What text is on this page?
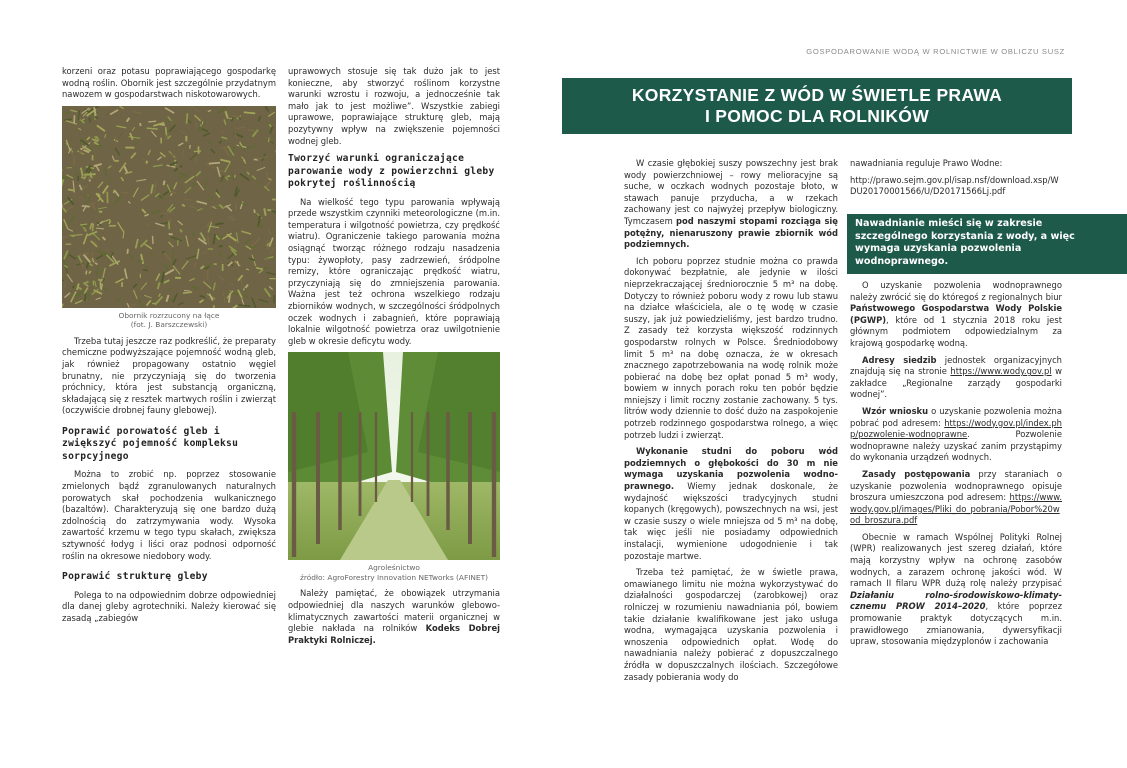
korzeni oraz potasu poprawiającego gospodarkę wodną roślin. Obornik jest szczególnie przydatnym nawozem w gospodarstwach niskotowarowych.

Obornik rozrzucony na łące
(fot. J. Barszczewski)

Trzeba tutaj jeszcze raz podkreślić, że preparaty chemiczne podwyższające pojemność wodną gleb, jak również propagowany ostatnio węgiel brunatny, nie przyczyniają się do tworzenia próchnicy, która jest substancją organiczną, składającą się z resztek martwych roślin i zwierząt (oczywiście drobnej fauny glebowej).

Poprawić porowatość gleb i zwiększyć pojemność kompleksu sorpcyjnego

Można to zrobić np. poprzez stosowanie zmielonych bądź zgranulowanych naturalnych porowatych skał pochodzenia wulkanicznego (bazaltów). Charakteryzują się one bardzo dużą zdolnością do zatrzymywania wody. Wysoka zawartość krzemu w tego typu skałach, zwiększa sztywność łodyg i liści oraz podnosi odporność roślin na okresowe niedobory wody.

Poprawić strukturę gleby

Polega to na odpowiednim dobrze odpowiedniej dla danej gleby agrotechniki. Należy kierować się zasadą „zabiegów

uprawowych stosuje się tak dużo jak to jest konieczne, aby stworzyć roślinom korzystne warunki wzrostu i rozwoju, a jednocześnie tak mało jak to jest możliwe”. Wszystkie zabiegi uprawowe, poprawiające strukturę gleb, mają pozytywny wpływ na zwiększenie pojemności wodnej gleb.

Tworzyć warunki ograniczające parowanie wody z powierzchni gleby pokrytej roślinnością

Na wielkość tego typu parowania wpływają przede wszystkim czynniki meteorologiczne (m.in. temperatura i wilgotność powietrza, czy prędkość wiatru). Ograniczenie takiego parowania można osiągnąć tworząc różnego rodzaju nasadzenia typu: żywopłoty, pasy zadrzewień, śródpolne remizy, które ograniczając prędkość wiatru, przyczyniają się do zmniejszenia parowania. Ważna jest też ochrona wszelkiego rodzaju zbiorników wodnych, w szczególności śródpolnych oczek wodnych i zabagnień, które poprawiają lokalnie wilgotność powietrza oraz uwilgotnienie gleb w okresie deficytu wody.

Agroleśnictwo
źródło: AgroForestry Innovation NETworks (AFINET)

Należy pamiętać, że obowiązek utrzymania odpowiedniej dla naszych warunków glebowo-klimatycznych zawartości materii organicznej w glebie nakłada na rolników Kodeks Dobrej Praktyki Rolniczej.

GOSPODAROWANIE WODĄ W ROLNICTWIE W OBLICZU SUSZ
KORZYSTANIE Z WÓD W ŚWIETLE PRAWA
I POMOC DLA ROLNIKÓW

W czasie głębokiej suszy powszechny jest brak wody powierzchniowej – rowy melioracyjne są suche, w oczkach wodnych pozostaje błoto, w stawach panuje przyducha, a w rzekach zachowany jest co najwyżej przepływ biologiczny. Tymczasem pod naszymi stopami rozciąga się potężny, nienaruszony prawie zbiornik wód podziemnych.

Ich poboru poprzez studnie można co prawda dokonywać bezpłatnie, ale jedynie w ilości nieprzekraczającej średniorocznie 5 m³ na dobę. Dotyczy to również poboru wody z rowu lub stawu na działce właściciela, ale o tę wodę w czasie suszy, jak już powiedzieliśmy, jest bardzo trudno. Z zasady też korzysta większość rodzinnych gospodarstw rolnych w Polsce. Średniodobowy limit 5 m³ na dobę oznacza, że w okresach znacznego zapotrzebowania na wodę rolnik może pobierać na dobę bez opłat ponad 5 m³ wody, bowiem w innych porach roku ten pobór będzie mniejszy i limit roczny zostanie zachowany. 5 tys. litrów wody dziennie to dość dużo na zaspokojenie potrzeb rodzinnego gospodarstwa rolnego, a więc potrzeb ludzi i zwierząt.

Wykonanie studni do poboru wód podziemnych o głębokości do 30 m nie wymaga uzyskania pozwolenia wodno-prawnego. Wiemy jednak doskonale, że wydajność większości tradycyjnych studni kopanych (kręgowych), powszechnych na wsi, jest w czasie suszy o wiele mniejsza od 5 m³ na dobę, tak więc jeśli nie posiadamy odpowiednich instalacji, wymienione udogodnienie i tak pozostaje martwe.

Trzeba też pamiętać, że w świetle prawa, omawianego limitu nie można wykorzystywać do działalności gospodarczej (zarobkowej) oraz rolniczej w rozumieniu nawadniania pól, bowiem takie działanie kwalifikowane jest jako usługa wodna, wymagająca uzyskania pozwolenia i wnoszenia odpowiednich opłat. Wodę do nawadniania należy pobierać z dopuszczalnego źródła w dopuszczalnych ilościach. Szczegółowe zasady pobierania wody do

nawadniania reguluje Prawo Wodne:

http://prawo.sejm.gov.pl/isap.nsf/download.xsp/WDU20170001566/U/D20171566Lj.pdf

Nawadnianie mieści się w zakresie szczególnego korzystania z wody, a więc wymaga uzyskania pozwolenia wodnoprawnego.

O uzyskanie pozwolenia wodnoprawnego należy zwrócić się do któregoś z regionalnych biur Państwowego Gospodarstwa Wody Polskie (PGWP), które od 1 stycznia 2018 roku jest głównym podmiotem odpowiedzialnym za krajową gospodarkę wodną.

Adresy siedzib jednostek organizacyjnych znajdują się na stronie https://www.wody.gov.pl w zakładce „Regionalne zarządy gospodarki wodnej”.

Wzór wniosku o uzyskanie pozwolenia można pobrać pod adresem: https://wody.gov.pl/index.php/pozwolenie-wodnoprawne. Pozwolenie wodnoprawne należy uzyskać zanim przystąpimy do wykonania urządzeń wodnych.

Zasady postępowania przy staraniach o uzyskanie pozwolenia wodnoprawnego opisuje broszura umieszczona pod adresem: https://www.wody.gov.pl/images/Pliki_do_pobrania/Pobor%20wod_broszura.pdf

Obecnie w ramach Wspólnej Polityki Rolnej (WPR) realizowanych jest szereg działań, które mają korzystny wpływ na ochronę zasobów wodnych, a zarazem ochronę jakości wód. W ramach II filaru WPR dużą rolę należy przypisać Działaniu rolno-środowiskowo-klimaty-cznemu PROW 2014–2020, które poprzez promowanie praktyk dotyczących m.in. prawidłowego zmianowania, dywersyfikacji upraw, stosowania międzyplonów i zachowania
